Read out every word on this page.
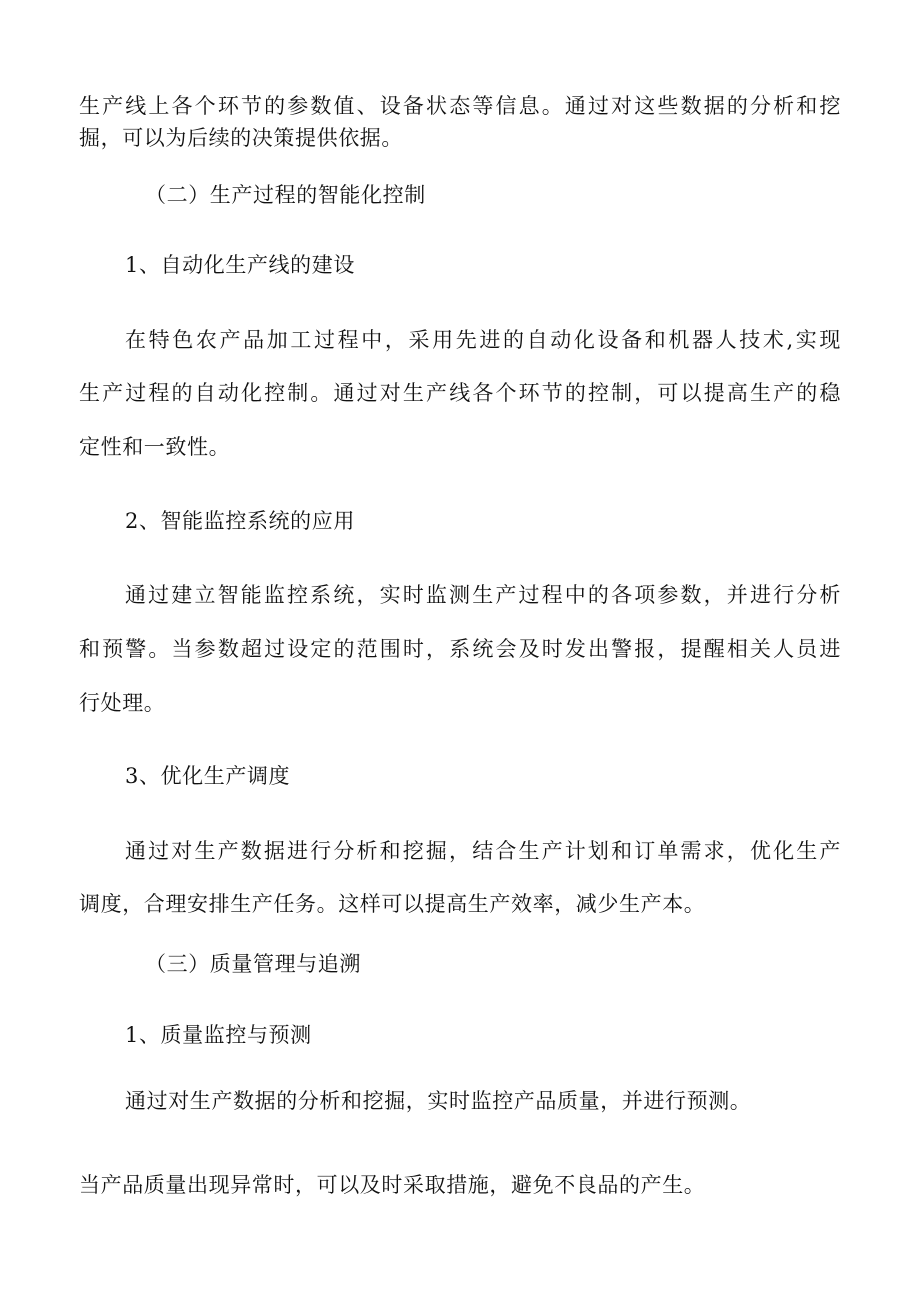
生产线上各个环节的参数值、设备状态等信息。通过对这些数据的分析和挖
掘，可以为后续的决策提供依据。
（二）生产过程的智能化控制
1、自动化生产线的建设
在特色农产品加工过程中，采用先进的自动化设备和机器人技术,实现
生产过程的自动化控制。通过对生产线各个环节的控制，可以提高生产的稳
定性和一致性。
2、智能监控系统的应用
通过建立智能监控系统，实时监测生产过程中的各项参数，并进行分析
和预警。当参数超过设定的范围时，系统会及时发出警报，提醒相关人员进
行处理。
3、优化生产调度
通过对生产数据进行分析和挖掘，结合生产计划和订单需求，优化生产
调度，合理安排生产任务。这样可以提高生产效率，减少生产本。
（三）质量管理与追溯
1、质量监控与预测
通过对生产数据的分析和挖掘，实时监控产品质量，并进行预测。
当产品质量出现异常时，可以及时采取措施，避免不良品的产生。
